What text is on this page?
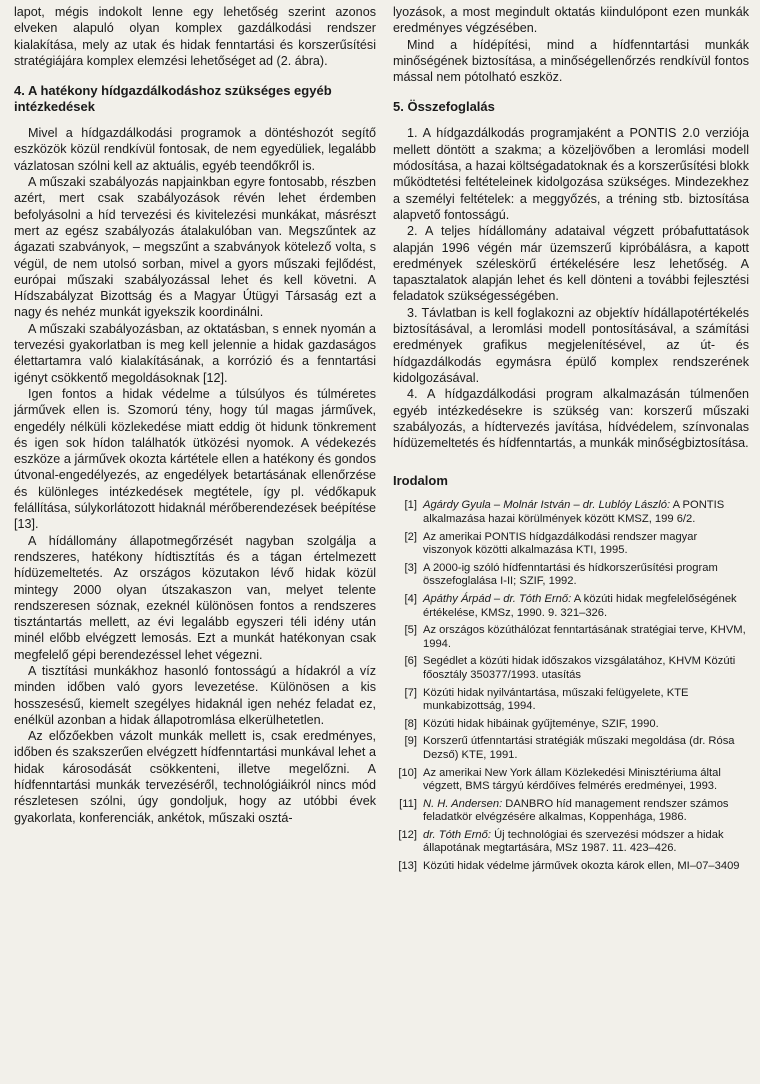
lapot, mégis indokolt lenne egy lehetőség szerint azonos elveken alapuló olyan komplex gazdálkodási rendszer kialakítása, mely az utak és hidak fenntartási és korszerűsítési stratégiájára komplex elemzési lehetőséget ad (2. ábra).

4. A hatékony hídgazdálkodáshoz szükséges egyéb intézkedések

Mivel a hídgazdálkodási programok a döntéshozót segítő eszközök közül rendkívül fontosak, de nem egyedüliek, legalább vázlatosan szólni kell az aktuális, egyéb teendőkről is.

A műszaki szabályozás napjainkban egyre fontosabb, részben azért, mert csak szabályozások révén lehet érdemben befolyásolni a híd tervezési és kivitelezési munkákat, másrészt mert az egész szabályozás átalakulóban van. Megszűntek az ágazati szabványok, – megszűnt a szabványok kötelező volta, s végül, de nem utolsó sorban, mivel a gyors műszaki fejlődést, európai műszaki szabályozással lehet és kell követni. A Hídszabályzat Bizottság és a Magyar Útügyi Társaság ezt a nagy és nehéz munkát igyekszik koordinálni.

A műszaki szabályozásban, az oktatásban, s ennek nyomán a tervezési gyakorlatban is meg kell jelennie a hidak gazdaságos élettartamra való kialakításának, a korrózió és a fenntartási igényt csökkentő megoldásoknak [12].

Igen fontos a hidak védelme a túlsúlyos és túlméretes járművek ellen is. Szomorú tény, hogy túl magas járművek, engedély nélküli közlekedése miatt eddig öt hidunk tönkrement és igen sok hídon találhatók ütközési nyomok. A védekezés eszköze a járművek okozta kártétele ellen a hatékony és gondos útvonal-engedélyezés, az engedélyek betartásának ellenőrzése és különleges intézkedések megtétele, így pl. védőkapuk felállítása, súlykorlátozott hidaknál mérőberendezések beépítése [13].

A hídállomány állapotmegőrzését nagyban szolgálja a rendszeres, hatékony hídtisztítás és a tágan értelmezett hídüzemeltetés. Az országos közutakon lévő hidak közül mintegy 2000 olyan útszakaszon van, melyet telente rendszeresen sóznak, ezeknél különösen fontos a rendszeres tisztántartás mellett, az évi legalább egyszeri téli idény után minél előbb elvégzett lemosás. Ezt a munkát hatékonyan csak megfelelő gépi berendezéssel lehet végezni.

A tisztítási munkákhoz hasonló fontosságú a hídakról a víz minden időben való gyors levezetése. Különösen a kis hosszesésű, kiemelt szegélyes hidaknál igen nehéz feladat ez, enélkül azonban a hidak állapotromlása elkerülhetetlen.

Az előzőekben vázolt munkák mellett is, csak eredményes, időben és szakszerűen elvégzett hídfenntartási munkával lehet a hidak károsodását csökkenteni, illetve megelőzni. A hídfenntartási munkák tervezéséről, technológiáikról nincs mód részletesen szólni, úgy gondoljuk, hogy az utóbbi évek gyakorlata, konferenciák, ankétok, műszaki osztá-

lyozások, a most megindult oktatás kiindulópont ezen munkák eredményes végzésében.

Mind a hídépítési, mind a hídfenntartási munkák minőségének biztosítása, a minőségellenőrzés rendkívül fontos mással nem pótolható eszköz.

5. Összefoglalás

1. A hídgazdálkodás programjaként a PONTIS 2.0 verziója mellett döntött a szakma; a közeljövőben a leromlási modell módosítása, a hazai költségadatoknak és a korszerűsítési blokk működtetési feltételeinek kidolgozása szükséges. Mindezekhez a személyi feltételek: a meggyőzés, a tréning stb. biztosítása alapvető fontosságú.

2. A teljes hídállomány adataival végzett próbafuttatások alapján 1996 végén már üzemszerű kipróbálásra, a kapott eredmények széleskörű értékelésére lesz lehetőség. A tapasztalatok alapján lehet és kell dönteni a további fejlesztési feladatok szükségességében.

3. Távlatban is kell foglakozni az objektív hídállapotértékelés biztosításával, a leromlási modell pontosításával, a számítási eredmények grafikus megjelenítésével, az út- és hídgazdálkodás egymásra épülő komplex rendszerének kidolgozásával.

4. A hídgazdálkodási program alkalmazásán túlmenően egyéb intézkedésekre is szükség van: korszerű műszaki szabályozás, a hídtervezés javítása, hídvédelem, színvonalas hídüzemeltetés és hídfenntartás, a munkák minőségbiztosítása.

Irodalom
[1] Agárdy Gyula – Molnár István – dr. Lublóy László: A PONTIS alkalmazása hazai körülmények között KMSZ, 199 6/2.
[2] Az amerikai PONTIS hídgazdálkodási rendszer magyar viszonyok közötti alkalmazása KTI, 1995.
[3] A 2000-ig szóló hídfenntartási és hídkorszerűsítési program összefoglalása I-II; SZIF, 1992.
[4] Apáthy Árpád – dr. Tóth Ernő: A közúti hidak megfelelőségének értékelése, KMSz, 1990. 9. 321–326.
[5] Az országos közúthálózat fenntartásának stratégiai terve, KHVM, 1994.
[6] Segédlet a közúti hidak időszakos vizsgálatához, KHVM Közúti főosztály 350377/1993. utasítás
[7] Közúti hidak nyilvántartása, műszaki felügyelete, KTE munkabizottság, 1994.
[8] Közúti hidak hibáinak gyűjteménye, SZIF, 1990.
[9] Korszerű útfenntartási stratégiák műszaki megoldása (dr. Rósa Dezső) KTE, 1991.
[10] Az amerikai New York állam Közlekedési Minisztériuma által végzett, BMS tárgyú kérdőíves felmérés eredményei, 1993.
[11] N. H. Andersen: DANBRO híd management rendszer számos feladatkör elvégzésére alkalmas, Koppenhága, 1986.
[12] dr. Tóth Ernő: Új technológiai és szervezési módszer a hidak állapotának megtartására, MSz 1987. 11. 423–426.
[13] Közúti hidak védelme járművek okozta károk ellen, MI–07–3409
